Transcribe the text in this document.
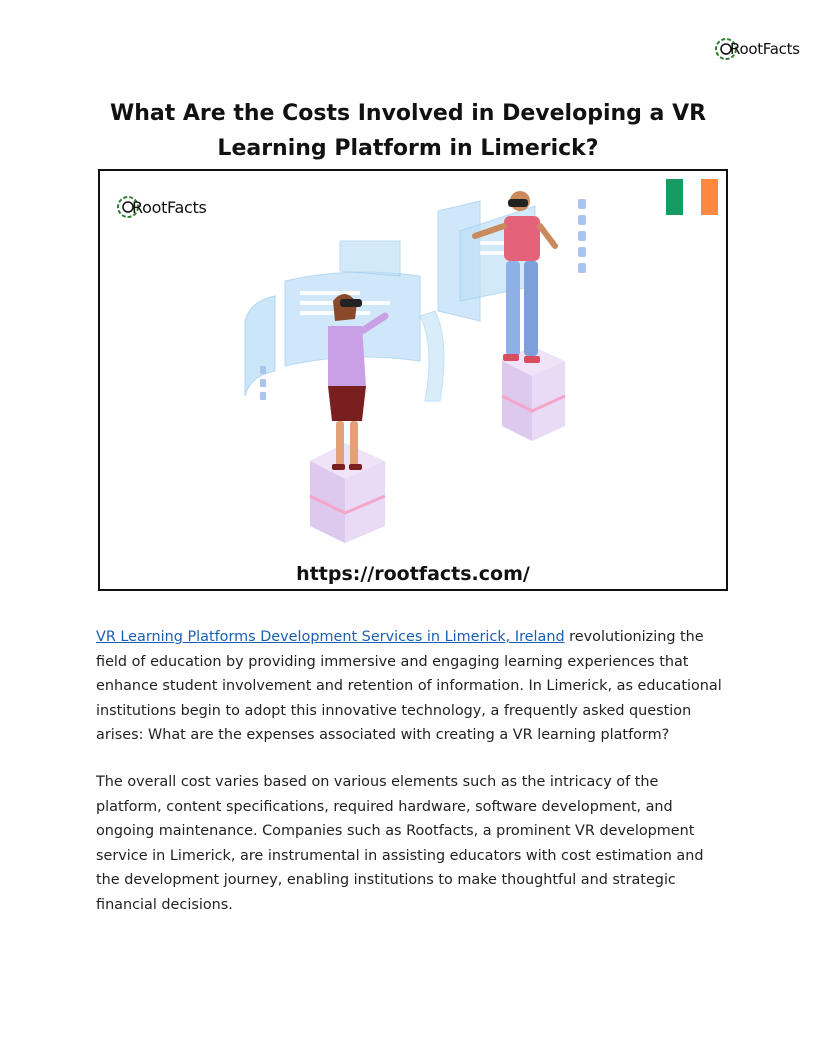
RootFacts
What Are the Costs Involved in Developing a VR Learning Platform in Limerick?
RootFacts
https://rootfacts.com/

VR Learning Platforms Development Services in Limerick, Ireland revolutionizing the field of education by providing immersive and engaging learning experiences that enhance student involvement and retention of information. In Limerick, as educational institutions begin to adopt this innovative technology, a frequently asked question arises: What are the expenses associated with creating a VR learning platform?

The overall cost varies based on various elements such as the intricacy of the platform, content specifications, required hardware, software development, and ongoing maintenance. Companies such as Rootfacts, a prominent VR development service in Limerick, are instrumental in assisting educators with cost estimation and the development journey, enabling institutions to make thoughtful and strategic financial decisions.
